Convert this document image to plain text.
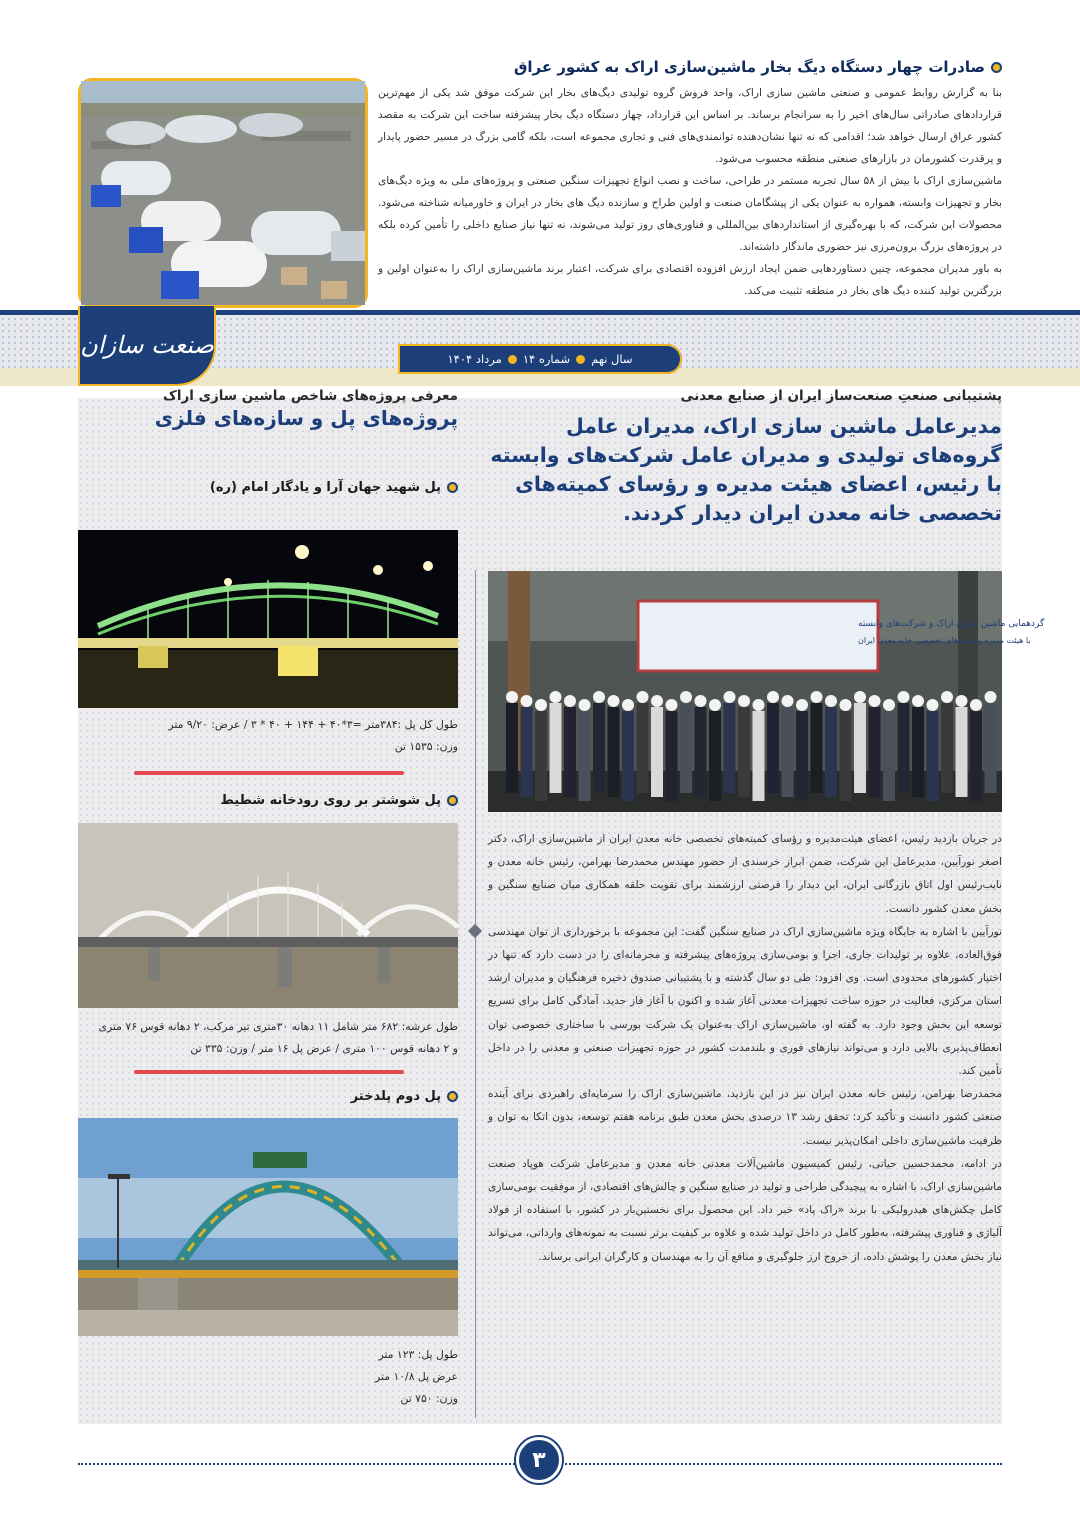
صادرات چهار دستگاه دیگ بخار ماشین‌سازی اراک به کشور عراق

بنا به گزارش روابط عمومی و صنعتی ماشین سازی اراک، واحد فروش گروه تولیدی دیگ‌های بخار این شرکت موفق شد یکی از مهم‌ترین قراردادهای صادراتی سال‌های اخیر را به سرانجام برساند. بر اساس این قرارداد، چهار دستگاه دیگ بخار پیشرفته ساخت این شرکت به مقصد کشور عراق ارسال خواهد شد؛ اقدامی که نه تنها نشان‌دهنده توانمندی‌های فنی و تجاری مجموعه است، بلکه گامی بزرگ در مسیر حضور پایدار و پرقدرت کشورمان در بازارهای صنعتی منطقه محسوب می‌شود.

ماشین‌سازی اراک با بیش از ۵۸ سال تجربه مستمر در طراحی، ساخت و نصب انواع تجهیزات سنگین صنعتی و پروژه‌های ملی به ویژه دیگ‌های بخار و تجهیزات وابسته، همواره به عنوان یکی از پیشگامان صنعت و اولین طراح و سازنده دیگ های بخار در ایران و خاورمیانه شناخته می‌شود. محصولات این شرکت، که با بهره‌گیری از استانداردهای بین‌المللی و فناوری‌های روز تولید می‌شوند، نه تنها نیاز صنایع داخلی را تأمین کرده بلکه در پروژه‌های بزرگ برون‌مرزی نیز حضوری ماندگار داشته‌اند.

به باور مدیران مجموعه، چنین دستاوردهایی ضمن ایجاد ارزش افزوده اقتصادی برای شرکت، اعتبار برند ماشین‌سازی اراک را به‌عنوان اولین و بزرگترین تولید کننده دیگ های بخار در منطقه تثبیت می‌کند.

صنعت سازان	سال نهم
شماره ۱۴
مرداد ۱۴۰۴
پشتیبانی صنعتِ صنعت‌ساز ایران از صنایع معدنی
مدیرعامل ماشین سازی اراک، مدیران عامل گروه‌های تولیدی و مدیران عامل شرکت‌های وابسته با رئیس، اعضای هیئت مدیره و رؤسای کمیته‌های تخصصی خانه معدن ایران دیدار کردند.
گردهمایی ماشین سازی اراک و شرکت‌های وابسته
با هیئت مدیره و کمیته‌های تخصصی خانه معدن ایران

در جریان بازدید رئیس، اعضای هیئت‌مدیره و رؤسای کمیته‌های تخصصی خانه معدن ایران از ماشین‌سازی اراک، دکتر اصغر نورآیین، مدیرعامل این شرکت، ضمن ابراز خرسندی از حضور مهندس محمدرضا بهرامن، رئیس خانه معدن و نایب‌رئیس اول اتاق بازرگانی ایران، این دیدار را فرصتی ارزشمند برای تقویت حلقه همکاری میان صنایع سنگین و بخش معدن کشور دانست.

نورآیین با اشاره به جایگاه ویژه ماشین‌سازی اراک در صنایع سنگین گفت: این مجموعه با برخورداری از توان مهندسی فوق‌العاده، علاوه بر تولیدات جاری، اجرا و بومی‌سازی پروژه‌های پیشرفته و محرمانه‌ای را در دست دارد که تنها در اختیار کشورهای محدودی است. وی افزود: طی دو سال گذشته و با پشتیبانی صندوق ذخیره فرهنگیان و مدیران ارشد استان مرکزی، فعالیت در حوزه ساخت تجهیزات معدنی آغاز شده و اکنون با آغاز فاز جدید، آمادگی کامل برای تسریع توسعه این بخش وجود دارد. به گفته او، ماشین‌سازی اراک به‌عنوان یک شرکت بورسی با ساختاری خصوصی توان انعطاف‌پذیری بالایی دارد و می‌تواند نیازهای فوری و بلندمدت کشور در حوزه تجهیزات صنعتی و معدنی را در داخل تأمین کند.

محمدرضا بهرامن، رئیس خانه معدن ایران نیز در این بازدید، ماشین‌سازی اراک را سرمایه‌ای راهبردی برای آینده صنعتی کشور دانست و تأکید کرد: تحقق رشد ۱۳ درصدی بخش معدن طبق برنامه هفتم توسعه، بدون اتکا به توان و ظرفیت ماشین‌سازی داخلی امکان‌پذیر نیست.

در ادامه، محمدحسین حیاتی، رئیس کمیسیون ماشین‌آلات معدنی خانه معدن و مدیرعامل شرکت هوپاد صنعت ماشین‌سازی اراک، با اشاره به پیچیدگی طراحی و تولید در صنایع سنگین و چالش‌های اقتصادی، از موفقیت بومی‌سازی کامل چکش‌های هیدرولیکی با برند «راک پاد» خبر داد. این محصول برای نخستین‌بار در کشور، با استفاده از فولاد آلیاژی و فناوری پیشرفته، به‌طور کامل در داخل تولید شده و علاوه بر کیفیت برتر نسبت به نمونه‌های وارداتی، می‌تواند نیاز بخش معدن را پوشش داده، از خروج ارز جلوگیری و منافع آن را به مهندسان و کارگران ایرانی برساند.

معرفی پروژه‌های شاخص ماشین سازی اراک
پروژه‌های پل و سازه‌های فلزی
پل شهید جهان آرا و یادگار امام (ره)

طول کل پل :۳۸۴متر =۳*۴۰ + ۱۴۴ + ۴۰ * ۳ / عرض: ۹/۲۰ متر

وزن: ۱۵۳۵ تن

پل شوشتر بر روی رودخانه شطیط

طول عرشه: ۶۸۲ متر شامل ۱۱ دهانه ۳۰متری تیر مرکب، ۲ دهانه قوس ۷۶ متری

و ۲ دهانه قوس ۱۰۰ متری / عرض پل ۱۶ متر / وزن: ۳۳۵ تن

پل دوم پلدختر

طول پل: ۱۲۳ متر

عرض پل ۱۰/۸ متر

وزن: ۷۵۰ تن

۳
